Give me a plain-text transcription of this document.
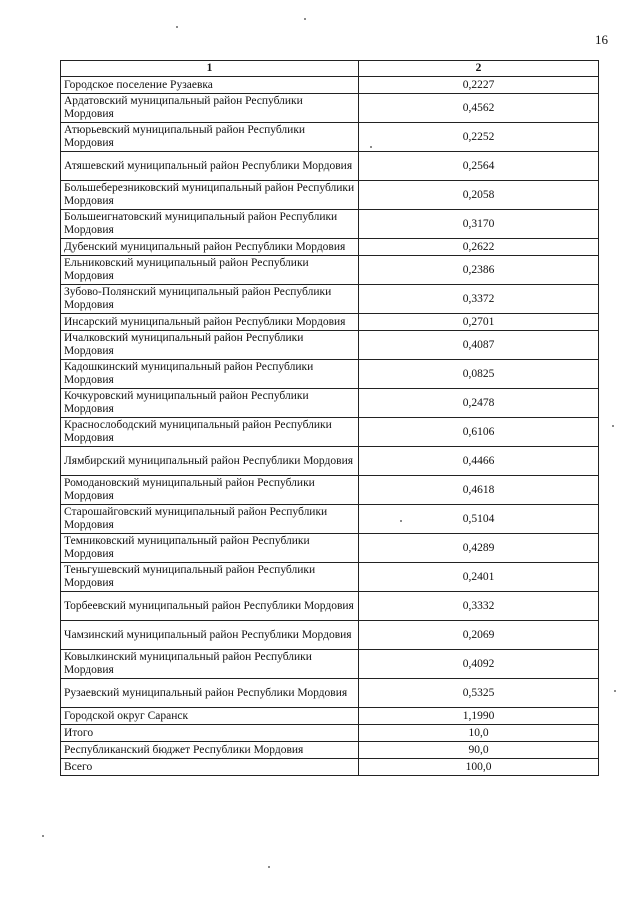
16
1	2
Городское поселение Рузаевка	0,2227
Ардатовский муниципальный район Республики Мордовия	0,4562
Атюрьевский муниципальный район Республики Мордовия	0,2252
Атяшевский муниципальный район Республики Мордовия	0,2564
Большеберезниковский муниципальный район Республики Мордовия	0,2058
Большеигнатовский муниципальный район Республики Мордовия	0,3170
Дубенский муниципальный район Республики Мордовия	0,2622
Ельниковский муниципальный район Республики Мордовия	0,2386
Зубово-Полянский муниципальный район Республики Мордовия	0,3372
Инсарский муниципальный район Республики Мордовия	0,2701
Ичалковский муниципальный район Республики Мордовия	0,4087
Кадошкинский муниципальный район Республики Мордовия	0,0825
Кочкуровский муниципальный район Республики Мордовия	0,2478
Краснослободский муниципальный район Республики Мордовия	0,6106
Лямбирский муниципальный район Республики Мордовия	0,4466
Ромодановский муниципальный район Республики Мордовия	0,4618
Старошайговский муниципальный район Республики Мордовия	0,5104
Темниковский муниципальный район Республики Мордовия	0,4289
Теньгушевский муниципальный район Республики Мордовия	0,2401
Торбеевский муниципальный район Республики Мордовия	0,3332
Чамзинский муниципальный район Республики Мордовия	0,2069
Ковылкинский муниципальный район Республики Мордовия	0,4092
Рузаевский муниципальный район Республики Мордовия	0,5325
Городской округ Саранск	1,1990
Итого	10,0
Республиканский бюджет Республики Мордовия	90,0
Всего	100,0
